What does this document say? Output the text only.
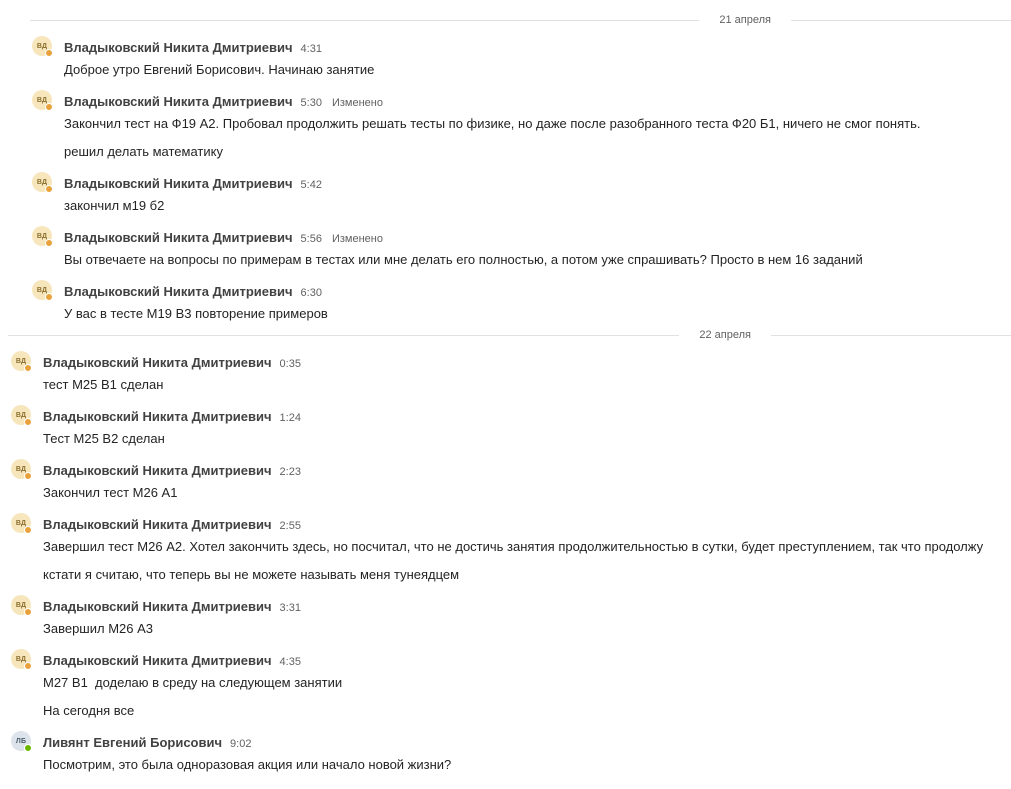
21 апреля
22 апреля
ВД Владыковский Никита Дмитриевич 4:31
Доброе утро Евгений Борисович. Начинаю занятие
ВД Владыковский Никита Дмитриевич 5:30 Изменено
Закончил тест на Ф19 А2. Пробовал продолжить решать тесты по физике, но даже после разобранного теста Ф20 Б1, ничего не смог понять.
решил делать математику
ВД Владыковский Никита Дмитриевич 5:42
закончил м19 б2
ВД Владыковский Никита Дмитриевич 5:56 Изменено
Вы отвечаете на вопросы по примерам в тестах или мне делать его полностью, а потом уже спрашивать? Просто в нем 16 заданий
ВД Владыковский Никита Дмитриевич 6:30
У вас в тесте М19 В3 повторение примеров
ВД Владыковский Никита Дмитриевич 0:35
тест М25 В1 сделан
ВД Владыковский Никита Дмитриевич 1:24
Тест М25 В2 сделан
ВД Владыковский Никита Дмитриевич 2:23
Закончил тест М26 А1
ВД Владыковский Никита Дмитриевич 2:55
Завершил тест М26 А2. Хотел закончить здесь, но посчитал, что не достичь занятия продолжительностью в сутки, будет преступлением, так что продолжу
кстати я считаю, что теперь вы не можете называть меня тунеядцем
ВД Владыковский Никита Дмитриевич 3:31
Завершил М26 А3
ВД Владыковский Никита Дмитриевич 4:35
М27 В1  доделаю в среду на следующем занятии
На сегодня все
ЛБ Ливянт Евгений Борисович 9:02
Посмотрим, это была одноразовая акция или начало новой жизни?
